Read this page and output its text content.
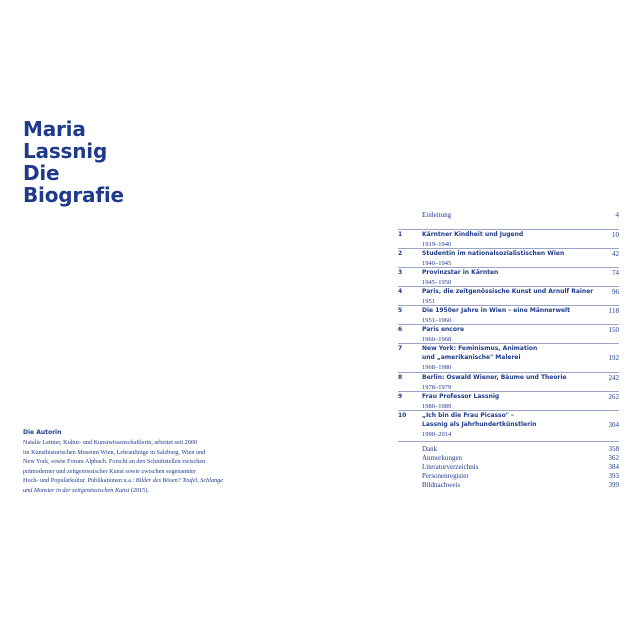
Maria
Lassnig
Die
Biografie
Die Autorin
Natalie Lettner, Kultur- und Kunstwissenschaftlerin, arbeitet seit 2000
im Kunsthistorischen Museum Wien, Lehraufträge in Salzburg, Wien und
New York, sowie Forum Alpbach. Forscht an den Schnittstellen zwischen
prämoderner und zeitgenössischer Kunst sowie zwischen sogenannter
Hoch- und Populärkultur. Publikationen u.a.: Bilder des Bösen? Teufel, Schlange
und Monster in der zeitgenössischen Kunst (2015).
Einleitung	4
1	Kärntner Kindheit und Jugend	10
1919–1940
2	Studentin im nationalsozialistischen Wien	42
1940–1945
3	Provinzstar in Kärnten	74
1945–1950
4	Paris, die zeitgenössische Kunst und Arnulf Rainer	96
1951
5	Die 1950er Jahre in Wien – eine Männerwelt	118
1951–1960
6	Paris encore	150
1960–1968
7	New York: Feminismus, Animation
und „amerikanische" Malerei	192
1968–1980
8	Berlin: Oswald Wiener, Bäume und Theorie	242
1978–1979
9	Frau Professor Lassnig	262
1980–1989
10	„Ich bin die Frau Picasso" –
Lassnig als Jahrhundertkünstlerin	304
1990–2014
Dank	358
Anmerkungen	362
Literaturverzeichnis	384
Personenregister	393
Bildnachweis	399
